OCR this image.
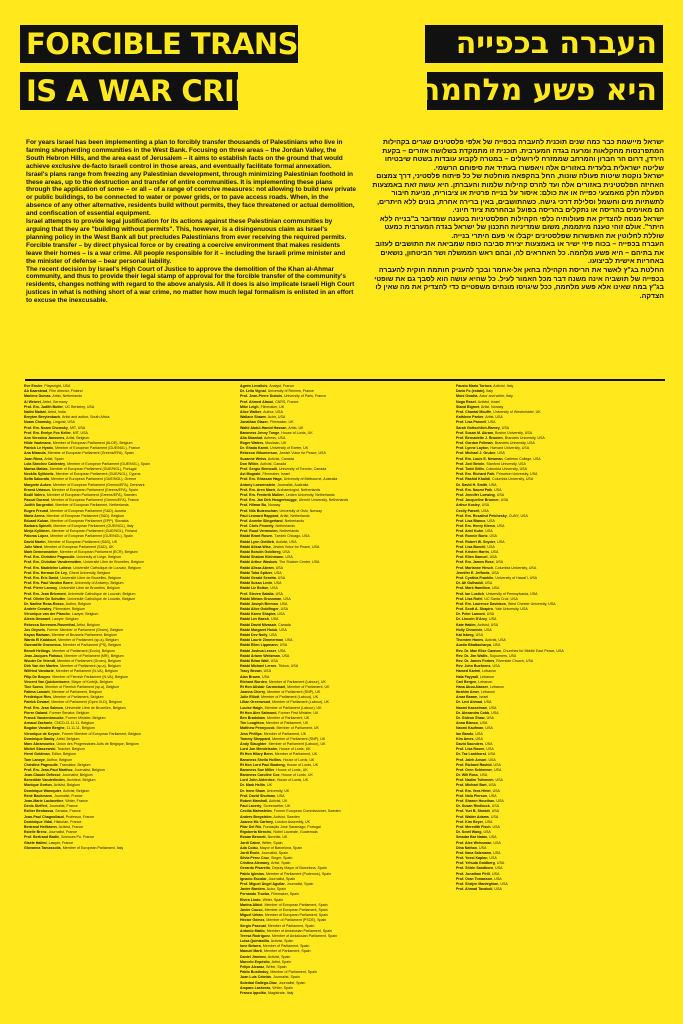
FORCIBLE TRANSFER
IS A WAR CRIME
העברה בכפייה
היא פשע מלחמה

For years Israel has been implementing a plan to forcibly transfer thousands of Palestinians who live in farming shepherding communities in the West Bank. Focusing on three areas – the Jordan Valley, the South Hebron Hills, and the area east of Jerusalem – it aims to establish facts on the ground that would achieve exclusive de-facto Israeli control in those areas, and eventually facilitate formal annexation.

Israel's plans range from freezing any Palestinian development, through minimizing Palestinian foothold in these areas, up to the destruction and transfer of entire communities. It is implementing these plans through the application of some – or all – of a range of coercive measures: not allowing to build new private or public buildings, to be connected to water or power grids, or to pave access roads. When, in the absence of any other alternative, residents build without permits, they face threatened or actual demolition, and confiscation of essential equipment.

Israel attempts to provide legal justification for its actions against these Palestinian communities by arguing that they are "building without permits". This, however, is a disingenuous claim as Israel's planning policy in the West Bank all but precludes Palestinians from ever receiving the required permits.

Forcible transfer – by direct physical force or by creating a coercive environment that makes residents leave their homes – is a war crime. All people responsible for it – including the Israeli prime minister and the minister of defense – bear personal liability.

The recent decision by Israel's High Court of Justice to approve the demolition of the Khan al-Ahmar community, and thus to provide their legal stamp of approval for the forcible transfer of the community's residents, changes nothing with regard to the above analysis. All it does is also implicate Israeli High Court justices in what is nothing short of a war crime, no matter how much legal formalism is enlisted in an effort to excuse the inexcusable.

ישראל מיישמת כבר כמה שנים תוכנית להעברה בכפייה של אלפי פלסטינים שגרים בקהילות המתפרנסות מחקלאות ומרעה בגדה המערבית. תוכנית זו מתמקדת בשלושה אזורים – בקעת הירדן, דרום הר חברון והמרחב שממזרח לירושלים – במטרה לקבוע עובדות בשטח שיבטיחו שליטה ישראלית בלעדית באזורים אלה ויאפשרו בעתיד את סיפוחם הרשמי.

ישראל נוקטת שיטות פעולה שונות, החל בהקפאה מוחלטת של כל פיתוח פלסטיני, דרך צמצום האחיזה הפלסטינית באזורים אלה ועד להרס קהילות שלמות והעברתן. היא עושה זאת באמצעות הפעלת חלק מאמצעי כפייה או את כולם: איסור על בנייה פרטית או ציבורית, מניעת חיבור לתשתיות מים וחשמל וסלילת דרכי גישה. כשהתושבים, באין ברירה אחרת, בונים ללא היתרים, הם מאוימים בהריסה או נתקלים בהריסה בפועל ובהחרמת ציוד חיוני.

ישראל מנסה להצדיק את פעולותיה כלפי הקהילות הפלסטיניות בטענה שמדובר ב"בנייה ללא היתר". אולם זוהי טענה מיתממת, משום שמדיניות התכנון של ישראל בגדה המערבית כמעט שוללת לחלוטין את האפשרות שפלסטינים יקבלו אי פעם היתרי בנייה.

העברה בכפייה – בכוח פיזי ישיר או באמצעות יצירת סביבה כופה שמביאה את התושבים לעזוב את בתיהם – היא פשע מלחמה. כל האחראים לה, ובהם ראש הממשלה ושר הביטחון, נושאים באחריות אישית לביצועו.

החלטת בג"ץ לאשר את הריסת הקהילה בחאן אל-אחמר ובכך להעניק חותמת חוקית להעברה בכפייה של תושביה אינה משנה דבר מכל האמור לעיל. כל שהיא עושה הוא לסבך גם את שופטי בג"ץ במה שאינו אלא פשע מלחמה, ככל שיגויסו מונחים משפטיים כדי להצדיק את מה שאין לו הצדקה.

Eve Ensler, Playwright, USA
Ab Kaarstead, Film director, Finland
Marlene Dumas, Artist, Netherlands
Ai Weiwei, Artist, Germany
Prof. Em. Judith Butler, UC Berkeley, USA
Nalini Malani, Artist, India
Breyten Breytenbach, Artist and author, South Africa
Noam Chomsky, Linguist, USA
Prof. Em. Noam Chomsky, MIT, USA
Prof. Em. Evelyn Fox Keller, MIT, USA
Ann Veronica Janssens, Artist, Belgium
Hilde Vautmans, Member of European Parliament (ALDE), Belgium
Patrick Le Hyaric, Member of European Parliament (GUE/NGL), France
Ana Miranda, Member of European Parliament (Greens/EFA), Spain
Joan Riera, Artist, Spain
Lola Sánchez Caldentey, Member of European Parliament (GUE/NGL), Spain
Marisa Matias, Member of European Parliament (GUE/NGL), Portugal
Neoklis Sylikiotis, Member of European Parliament (GUE/NGL), Cyprus
Sofia Sakorafa, Member of European Parliament (GUE/NGL), Greece
Margrete Auken, Member of European Parliament (Greens/EFA), Denmark
Ernest Urtasun, Member of European Parliament (Greens/EFA), Spain
Bodil Valero, Member of European Parliament (Greens/EFA), Sweden
Pascal Durand, Member of European Parliament (Greens/EFA), France
Judith Sargentini, Member of European Parliament, Netherlands
Eugen Freund, Member of European Parliament (S&D), Austria
Maria Arena, Member of European Parliament (S&D), Belgium
Eduard Kukan, Member of European Parliament (EPP), Slovakia
Barbara Spinelli, Member of European Parliament (GUE/NGL), Italy
Merja Kyllönen, Member of European Parliament (GUE/NGL), Finland
Paloma López, Member of European Parliament (GUE/NGL), Spain
David Martin, Member of European Parliament (S&D), UK
Julie Ward, Member of European Parliament (S&D), UK
Mark Demesmaeker, Member of European Parliament (ECR), Belgium
Prof. Em. Christine Pagnoulle, University of Liège, Belgium
Prof. Em. Christian Vandermotten, Université Libre de Bruxelles, Belgium
Prof. Em. Madeleine Latteur, Université Catholique de Louvain, Belgium
Prof. Em. Herman De Ley, Ghent University, Belgium
Prof. Em. Eric David, Université Libre de Bruxelles, Belgium
Prof. Em. Paul Vanden Borre, University of Antwerp, Belgium
Prof. Pierre Lannoy, Université Libre de Bruxelles, Belgium
Prof. Em. Jean Bricmont, Université Catholique de Louvain, Belgium
Prof. Olivier De Schutter, Université Catholique de Louvain, Belgium
Dr. Nadine Rosa-Rosso, Author, Belgium
Andrée Crowley, Filmmaker, Belgium
Véronique van der Plancke, Lawyer, Belgium
Alexis Deswaef, Lawyer, Belgium
Rebecca Sorensen-Rosenthal, Artist, Belgium
Jos Geysels, Former Member of Parliament (Groen), Belgium
Kayan Radwan, Member of Brussels Parliament, Belgium
Warda El Kaddouri, Member of Parliament (sp.a), Belgium
Gwenaëlle Grovonius, Member of Parliament (PS), Belgium
Benoît Hellings, Member of Parliament (Ecolo), Belgium
Jean-Jacques Flahaux, Member of Parliament (MR), Belgium
Wouter De Vriendt, Member of Parliament (Groen), Belgium
Dirk Van der Maelen, Member of Parliament (sp.a), Belgium
Wilfried Vandaele, Member of Parliament (N-VA), Belgium
Filip De Bruyne, Member of Flemish Parliament (N-VA), Belgium
Vincent Van Quickenborne, Mayor of Kortrijk, Belgium
Tine Soens, Member of Flemish Parliament (sp.a), Belgium
Fatima Lamarti, Member of Parliament, Belgium
Frédérique Ries, Member of Parliament, Belgium
Patrick Dewael, Member of Parliament (Open VLD), Belgium
Prof. Em. Jean Salmon, Université Libre de Bruxelles, Belgium
Pierre Galand, Former Senator, Belgium
Franck Vandenbroucke, Former Minister, Belgium
Arnaud Zacharie, CNCD-11.11.11, Belgium
Bogdan Vanden Berghe, 11.11.11, Belgium
Véronique de Keyser, Former Member of European Parliament, Belgium
Dominique Dauby, Artist, Belgium
Marc Abramowicz, Union des Progressistes Juifs de Belgique, Belgium
Michel Staszewski, Teacher, Belgium
Henri Goldman, Editor, Belgium
Tom Lanoye, Author, Belgium
Christine Pagnoulle, Translator, Belgium
Prof. Em. Jean-Paul Marthoz, Journalist, Belgium
Jean-Claude Defossé, Journalist, Belgium
Benedikte Vanderlinden, Architect, Belgium
Monique Gorton, Activist, Belgium
Dominique Waroquier, Activist, Belgium
René Backmann, Journalist, France
Jean-Marie Laclavetine, Writer, France
Denis Sieffert, Journalist, France
Esther Benbassa, Senator, France
Jean-Paul Chagnollaud, Professor, France
Dominique Vidal, Historian, France
Bertrand Heilbronn, Activist, France
Estelle Brenz, Journalist, France
Prof. Bertrand Badie, Sciences Po, France
Gisèle Halimi, Lawyer, France
Giovanna Tamassolla, Member of European Parliament, Italy
Agnès Levallois, Analyst, France
Dr. Leila Vignal, University of Rennes, France
Prof. Jean-Pierre Dubois, University of Paris, France
Prof. Ahmed Alaoui, CNRS, France
Mike Leigh, Filmmaker, UK
Alice Walker, Author, USA
Wallace Shawn, Actor, USA
Jonathan Glazer, Filmmaker, UK
Walid Abdul-Hamid Hassan, Artist, UK
Baroness Jenny Tonge, House of Lords, UK
Alia Shawkat, Actress, USA
Roger Waters, Musician, UK
Dr. Ghada Karmi, University of Exeter, UK
Rebecca Vilkomerson, Jewish Voice for Peace, USA
Suzanne Weiss, Activist, Canada
Don Wilkie, Activist, Canada
Prof. Sergio Bernoulli, University of Toronto, Canada
Avi Mograbi, Filmmaker, Israel
Prof. Em. Ghassan Hage, University of Melbourne, Australia
Antony Loewenstein, Journalist, Australia
Prof. Em. Aren Maeir, Archaeologist, Netherlands
Prof. Em. Frederik Mullerr, Leiden University, Netherlands
Prof. Em. Jan Dirk Hoogerbrugge, Utrecht University, Netherlands
Prof. Hilmar Bu, Norway
Prof. Nils Butenschøn, University of Oslo, Norway
Paul Leonard Rappard, Artist, Netherlands
Prof. Anneke Slingerland, Netherlands
Prof. Chris Finnerty, Netherlands
Prof. Ruud Vermeulen, Netherlands
Rabbi Brant Rosen, Tzedek Chicago, USA
Rabbi Lynn Gottlieb, Activist, USA
Rabbi Alissa Wise, Jewish Voice for Peace, USA
Rabbi Borukh Goldberg, USA
Rabbi Shalom Kleinmann, USA
Rabbi Arthur Waskow, The Shalom Center, USA
Rabbi Alissa Abram, USA
Rabbi Toba Spitzer, USA
Rabbi Gerald Serotta, USA
Rabbi Susan Levin, USA
Rabbi Liz Bolton, USA
Prof. Steven Salaita, USA
Rabbi Miriam Grossman, USA
Rabbi Joseph Berman, USA
Rabbi Alice Goldfinger, USA
Rabbi Karen Shapira, USA
Rabbi Lev Baesh, USA
Rabbi David Mivasair, Canada
Rabbi Margaret Holub, USA
Rabbi Dev Noily, USA
Rabbi Laurie Zimmerman, USA
Rabbi Ellen Lippmann, USA
Rabbi Joshua Lesser, USA
Rabbi Ariann Weitzman, USA
Rabbi Brian Walt, USA
Rabbi Michael Lerner, Tikkun, USA
Tracy Brown, USA
Alan Brown, USA
Richard Burden, Member of Parliament (Labour), UK
Rt Hon Alistair Carmichael, Member of Parliament, UK
Joanna Cherry, Member of Parliament (SNP), UK
Julie Elliott, Member of Parliament (Labour), UK
Lilian Greenwood, Member of Parliament (Labour), UK
Louise Haigh, Member of Parliament (Labour), UK
Rt Hon Alex Salmond, Former First Minister, UK
Ben Bradshaw, Member of Parliament, UK
Tim Loughton, Member of Parliament, UK
Matthew Pennycook, Member of Parliament, UK
Jess Phillips, Member of Parliament, UK
Tommy Sheppard, Member of Parliament (SNP), UK
Andy Slaughter, Member of Parliament (Labour), UK
Lord Jon Mendelsohn, House of Lords, UK
Rt Hon Hilary Benn, Member of Parliament, UK
Baroness Sheila Hollins, House of Lords, UK
Rt Hon Lord Paul Boateng, House of Lords, UK
Baroness Sue Miller, House of Lords, UK
Baroness Caroline Cox, House of Lords, UK
Lord John Alderdice, House of Lords, UK
Dr. Mark Hellin, UK
Dr. Irene Shaw, University, UK
Prof. David Shulman, USA
Robert Marshall, Activist, UK
Paul Laverty, Screenwriter, UK
Cecilia Malmström, Former European Commissioner, Sweden
Anders Bergström, Activist, Sweden
Joanne Mc Cartney, London Assembly, UK
Pilar Del Río, Fundação José Saramago, Portugal
Rigoberta Menchú, Nobel Laureate, Guatemala
Ronan Bennett, Novelist, UK
Jordi Cabré, Writer, Spain
Ada Colau, Mayor of Barcelona, Spain
Jordi Évole, Journalist, Spain
Sílvia Pérez Cruz, Singer, Spain
Cristina Alemany, Artist, Spain
Gerardo Pisarello, Deputy Mayor of Barcelona, Spain
Pablo Iglesias, Member of Parliament (Podemos), Spain
Ignacio Escolar, Journalist, Spain
Prof. Miguel Ángel Aguilar, Journalist, Spain
Javier Bardem, Actor, Spain
Fernando Trueba, Filmmaker, Spain
Elvira Lindo, Writer, Spain
Marina Albiol, Member of European Parliament, Spain
Javier Couso, Member of European Parliament, Spain
Miguel Urbán, Member of European Parliament, Spain
Héctor Gómez, Member of Parliament (PSOE), Spain
Sergio Pascual, Member of Parliament, Spain
Antonio Maíllo, Member of Andalusian Parliament, Spain
Teresa Rodríguez, Member of Andalusian Parliament, Spain
Luisa Quintanilla, Activist, Spain
Ione Belarra, Member of Parliament, Spain
Manuel Martí, Member of Parliament, Spain
Daniel Jiménez, Activist, Spain
Marcelo Expósito, Artist, Spain
Felipe Alcaraz, Writer, Spain
Pablo Bustinduy, Member of Parliament, Spain
Juan Luis Cebrián, Journalist, Spain
Soledad Gallego-Díaz, Journalist, Spain
Amparo Lasheras, Writer, Spain
Franco Ippolito, Magistrate, Italy
Fausto Maria Tortora, Activist, Italy
Dario Fo (estate), Italy
Moni Ovadia, Actor and writer, Italy
Noga Rosel, Activist, Israel
Stand Bigmet, Artist, Norway
Prof. Chantal Mouffe, University of Westminster, UK
Kathleen Parker, Artist, USA
Prof. Lisa Pannell, USA
Sarah Gottschlich-Ramey, USA
Prof. Susan M. Akram, Boston University, USA
Prof. Bernadette J. Brooten, Brandeis University, USA
Prof. Gordon Fellman, Brandeis University, USA
Prof. Lynne Layton, Harvard University, USA
Prof. Michael J. Gruber, USA
Prof. Em. Louis E. Newman, Carleton College, USA
Prof. Joel Beinin, Stanford University, USA
Prof. Todd Gitlin, Columbia University, USA
Prof. Em. Richard Falk, Princeton University, USA
Prof. Rashid Khalidi, Columbia University, USA
Dr. David H. Smith, USA
Prof. Em. Naomi Paik, USA
Prof. Jennifer Loewing, USA
Prof. Jacqueline Brunner, USA
Arthur Kosley, USA
Cecily Parsell, USA
Prof. Em. Rosalind Petchesky, CUNY, USA
Prof. Lisa Bianco, USA
Prof. Em. Henry Klemn, USA
Prof. Ariel Kuhn, USA
Prof. Ronnie Bortz, USA
Prof. Robert W. Snyder, USA
Prof. Lisa Buechl, USA
Prof. Kristen Harris, USA
Prof. Ellen Samuel, USA
Prof. Em. James Rose, USA
Prof. Marianne Hirsch, Columbia University, USA
Jennifer E. Jeffords, USA
Prof. Cynthia Franklin, University of Hawaiʻi, USA
Dr. Ali Gulhaddi, USA
Prof. Mark Hamilton, USA
Prof. Ian Lustick, University of Pennsylvania, USA
Prof. Lisa Rofel, UC Santa Cruz, USA
Prof. Em. Laurence Davidson, West Chester University, USA
Prof. Scott A. Shapiro, Yale University, USA
Dr. Peter Lamont, USA
Dr. Lincoln D'Arcy, USA
Kate Hakim, Activist, USA
Holly Chronicle, USA
Kat Isberg, USA
Thorsten Hanes, Activist, USA
Austin Bhattacharya, USA
Rev. Dr. Mae Elise Cannon, Churches for Middle East Peace, USA
Rev. Dr. Jim Wallis, Sojourners, USA
Rev. Dr. James Forbes, Riverside Church, USA
Rev. John Buehrens, USA
Hamed Karimi, Lebanon
Hala Fayyadi, Lebanon
Carl Bergen, Lebanon
Hana Abou-Nasser, Lebanon
Ibrahim Amer, Lebanon
Amar Baram, Israel
Dr. Levi Ahmad, USA
Naomi Kasselman, USA
Dr. Alexandra Cobb, USA
Dr. Gideon Shaw, USA
Anna Blanco, USA
Naomi Kaufman, USA
Ian Bando, USA
Kim Ames, USA
David Saunders, USA
Prof. Lisa Rosen, USA
Dr. Taz Lankhorst, USA
Prof. Jaleh Ansari, USA
Prof. Richard Rashid, USA
Prof. Oren Schimmer, USA
Dr. Will Ross, USA
Prof. Nadim Tsilemem, USA
Prof. Michael Bart, USA
Prof. Em. Vera Hirtel, USA
Prof. Nola Pierson, USA
Prof. Sharon Hourihan, USA
Dr. Susan Riedbock, USA
Prof. Yuri B. Shmidt, USA
Prof. Walter Adams, USA
Prof. Kim Beyer, USA
Prof. Meredith Fisch, USA
Dr. Scott Wang, USA
Smadar Bar Natan, USA
Prof. Alex Weissman, USA
Dina Nathan, USA
Prof. Ilana Salzmann, USA
Prof. Yossi Kaplan, USA
Prof. Yehuda Goldberg, USA
Prof. Shirin Sandborn, USA
Prof. Jonathan Pirill, USA
Prof. Oran Tomasson, USA
Prof. Shrijen Manteghian, USA
Prof. Ahmad Tavakoli, USA
